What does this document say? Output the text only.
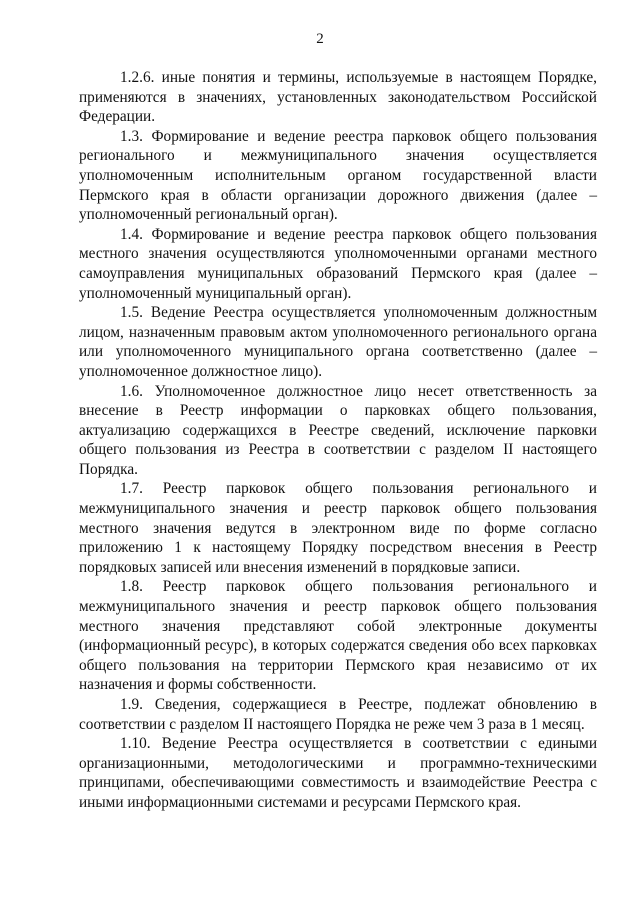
2

1.2.6. иные понятия и термины, используемые в настоящем Порядке, применяются в значениях, установленных законодательством Российской Федерации.

1.3. Формирование и ведение реестра парковок общего пользования регионального и межмуниципального значения осуществляется уполномоченным исполнительным органом государственной власти Пермского края в области организации дорожного движения (далее – уполномоченный региональный орган).

1.4. Формирование и ведение реестра парковок общего пользования местного значения осуществляются уполномоченными органами местного самоуправления муниципальных образований Пермского края (далее – уполномоченный муниципальный орган).

1.5. Ведение Реестра осуществляется уполномоченным должностным лицом, назначенным правовым актом уполномоченного регионального органа или уполномоченного муниципального органа соответственно (далее – уполномоченное должностное лицо).

1.6. Уполномоченное должностное лицо несет ответственность за внесение в Реестр информации о парковках общего пользования, актуализацию содержащихся в Реестре сведений, исключение парковки общего пользования из Реестра в соответствии с разделом II настоящего Порядка.

1.7. Реестр парковок общего пользования регионального и межмуниципального значения и реестр парковок общего пользования местного значения ведутся в электронном виде по форме согласно приложению 1 к настоящему Порядку посредством внесения в Реестр порядковых записей или внесения изменений в порядковые записи.

1.8. Реестр парковок общего пользования регионального и межмуниципального значения и реестр парковок общего пользования местного значения представляют собой электронные документы (информационный ресурс), в которых содержатся сведения обо всех парковках общего пользования на территории Пермского края независимо от их назначения и формы собственности.

1.9. Сведения, содержащиеся в Реестре, подлежат обновлению в соответствии с разделом II настоящего Порядка не реже чем 3 раза в 1 месяц.

1.10. Ведение Реестра осуществляется в соответствии с едиными организационными, методологическими и программно-техническими принципами, обеспечивающими совместимость и взаимодействие Реестра с иными информационными системами и ресурсами Пермского края.
